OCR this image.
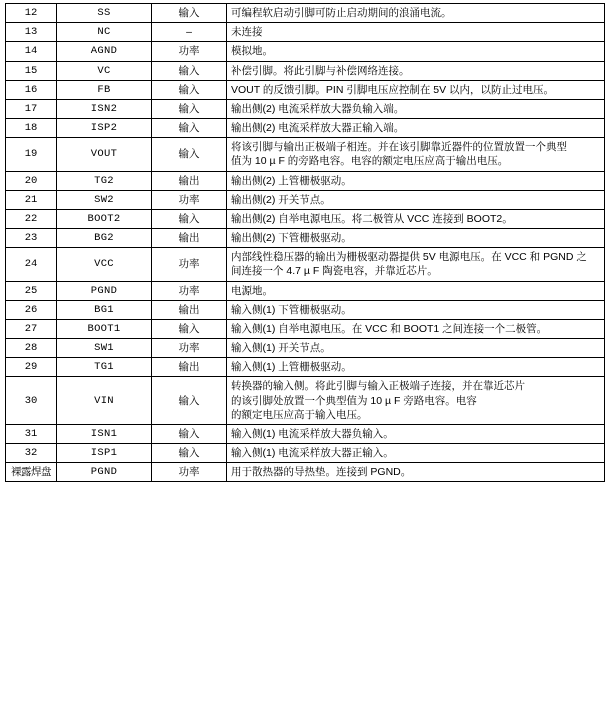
12	SS	输入	可编程软启动引脚可防止启动期间的浪涌电流。

13	NC	–	未连接

14	AGND	功率	模拟地。

15	VC	输入	补偿引脚。将此引脚与补偿网络连接。

16	FB	输入	VOUT 的反馈引脚。PIN 引脚电压应控制在 5V 以内，以防止过电压。

17	ISN2	输入	输出侧(2) 电流采样放大器负输入端。

18	ISP2	输入	输出侧(2) 电流采样放大器正输入端。

19	VOUT	输入	将该引脚与输出正极端子相连。并在该引脚靠近器件的位置放置一个典型
值为 10 µ F 的旁路电容。电容的额定电压应高于输出电压。

20	TG2	输出	输出侧(2) 上管栅极驱动。

21	SW2	功率	输出侧(2) 开关节点。

22	BOOT2	输入	输出侧(2) 自举电源电压。将二极管从 VCC 连接到 BOOT2。

23	BG2	输出	输出侧(2) 下管栅极驱动。

24	VCC	功率	内部线性稳压器的输出为栅极驱动器提供 5V 电源电压。在 VCC 和 PGND 之
间连接一个 4.7 µ F 陶瓷电容，并靠近芯片。

25	PGND	功率	电源地。

26	BG1	输出	输入侧(1) 下管栅极驱动。

27	BOOT1	输入	输入侧(1) 自举电源电压。在 VCC 和 BOOT1 之间连接一个二极管。

28	SW1	功率	输入侧(1) 开关节点。

29	TG1	输出	输入侧(1) 上管栅极驱动。

30	VIN	输入	转换器的输入侧。将此引脚与输入正极端子连接，并在靠近芯片
的该引脚处放置一个典型值为 10 µ F 旁路电容。电容
的额定电压应高于输入电压。

31	ISN1	输入	输入侧(1) 电流采样放大器负输入。

32	ISP1	输入	输入侧(1) 电流采样放大器正输入。

裸露焊盘	PGND	功率	用于散热器的导热垫。连接到 PGND。
